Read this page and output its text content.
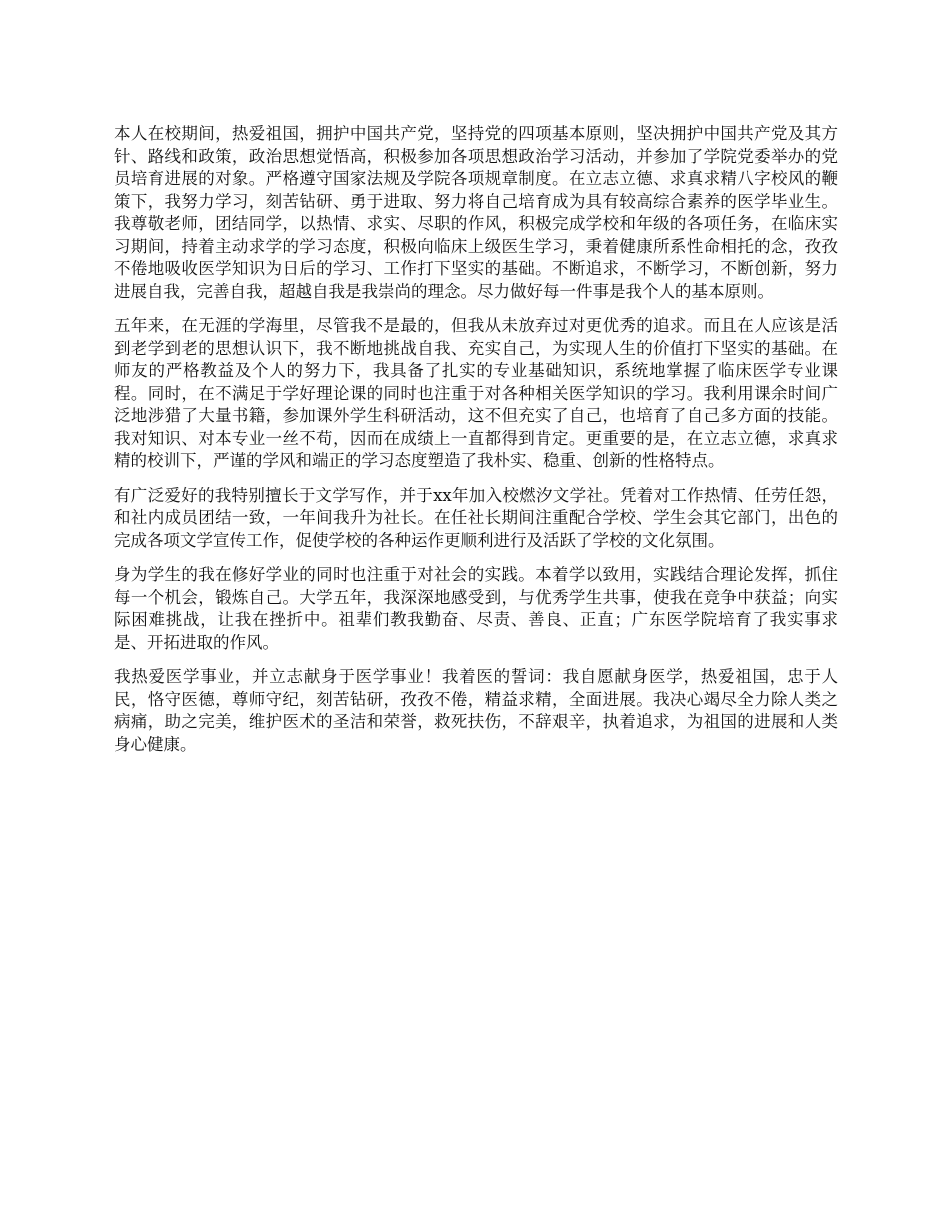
本人在校期间，热爱祖国，拥护中国共产党，坚持党的四项基本原则，坚决拥护中国共产党及其方针、路线和政策，政治思想觉悟高，积极参加各项思想政治学习活动，并参加了学院党委举办的党员培育进展的对象。严格遵守国家法规及学院各项规章制度。在立志立德、求真求精八字校风的鞭策下，我努力学习，刻苦钻研、勇于进取、努力将自己培育成为具有较高综合素养的医学毕业生。我尊敬老师，团结同学，以热情、求实、尽职的作风，积极完成学校和年级的各项任务，在临床实习期间，持着主动求学的学习态度，积极向临床上级医生学习，秉着健康所系性命相托的念，孜孜不倦地吸收医学知识为日后的学习、工作打下坚实的基础。不断追求，不断学习，不断创新，努力进展自我，完善自我，超越自我是我崇尚的理念。尽力做好每一件事是我个人的基本原则。

五年来，在无涯的学海里，尽管我不是最的，但我从未放弃过对更优秀的追求。而且在人应该是活到老学到老的思想认识下，我不断地挑战自我、充实自己，为实现人生的价值打下坚实的基础。在师友的严格教益及个人的努力下，我具备了扎实的专业基础知识，系统地掌握了临床医学专业课程。同时，在不满足于学好理论课的同时也注重于对各种相关医学知识的学习。我利用课余时间广泛地涉猎了大量书籍，参加课外学生科研活动，这不但充实了自己，也培育了自己多方面的技能。我对知识、对本专业一丝不苟，因而在成绩上一直都得到肯定。更重要的是，在立志立德，求真求精的校训下，严谨的学风和端正的学习态度塑造了我朴实、稳重、创新的性格特点。

有广泛爱好的我特别擅长于文学写作，并于xx年加入校燃汐文学社。凭着对工作热情、任劳任怨，和社内成员团结一致，一年间我升为社长。在任社长期间注重配合学校、学生会其它部门，出色的完成各项文学宣传工作，促使学校的各种运作更顺利进行及活跃了学校的文化氛围。

身为学生的我在修好学业的同时也注重于对社会的实践。本着学以致用，实践结合理论发挥，抓住每一个机会，锻炼自己。大学五年，我深深地感受到，与优秀学生共事，使我在竞争中获益；向实际困难挑战，让我在挫折中。祖辈们教我勤奋、尽责、善良、正直；广东医学院培育了我实事求是、开拓进取的作风。

我热爱医学事业，并立志献身于医学事业！我着医的誓词：我自愿献身医学，热爱祖国，忠于人民，恪守医德，尊师守纪，刻苦钻研，孜孜不倦，精益求精，全面进展。我决心竭尽全力除人类之病痛，助之完美，维护医术的圣洁和荣誉，救死扶伤，不辞艰辛，执着追求，为祖国的进展和人类身心健康。
